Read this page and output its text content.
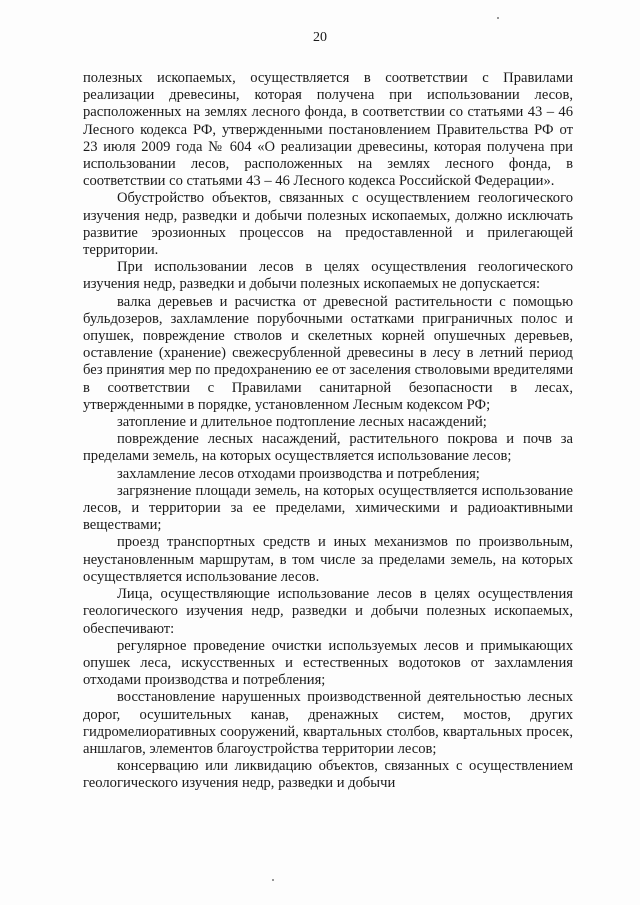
20

полезных ископаемых, осуществляется в соответствии с Правилами реализации древесины, которая получена при использовании лесов, расположенных на землях лесного фонда, в соответствии со статьями 43 – 46 Лесного кодекса РФ, утвержденными постановлением Правительства РФ от 23 июля 2009 года № 604 «О реализации древесины, которая получена при использовании лесов, расположенных на землях лесного фонда, в соответствии со статьями 43 – 46 Лесного кодекса Российской Федерации».

Обустройство объектов, связанных с осуществлением геологического изучения недр, разведки и добычи полезных ископаемых, должно исключать развитие эрозионных процессов на предоставленной и прилегающей территории.

При использовании лесов в целях осуществления геологического изучения недр, разведки и добычи полезных ископаемых не допускается:

валка деревьев и расчистка от древесной растительности с помощью бульдозеров, захламление порубочными остатками приграничных полос и опушек, повреждение стволов и скелетных корней опушечных деревьев, оставление (хранение) свежесрубленной древесины в лесу в летний период без принятия мер по предохранению ее от заселения стволовыми вредителями в соответствии с Правилами санитарной безопасности в лесах, утвержденными в порядке, установленном Лесным кодексом РФ;

затопление и длительное подтопление лесных насаждений;

повреждение лесных насаждений, растительного покрова и почв за пределами земель, на которых осуществляется использование лесов;

захламление лесов отходами производства и потребления;

загрязнение площади земель, на которых осуществляется использование лесов, и территории за ее пределами, химическими и радиоактивными веществами;

проезд транспортных средств и иных механизмов по произвольным, неустановленным маршрутам, в том числе за пределами земель, на которых осуществляется использование лесов.

Лица, осуществляющие использование лесов в целях осуществления геологического изучения недр, разведки и добычи полезных ископаемых, обеспечивают:

регулярное проведение очистки используемых лесов и примыкающих опушек леса, искусственных и естественных водотоков от захламления отходами производства и потребления;

восстановление нарушенных производственной деятельностью лесных дорог, осушительных канав, дренажных систем, мостов, других гидромелиоративных сооружений, квартальных столбов, квартальных просек, аншлагов, элементов благоустройства территории лесов;

консервацию или ликвидацию объектов, связанных с осуществлением геологического изучения недр, разведки и добычи
